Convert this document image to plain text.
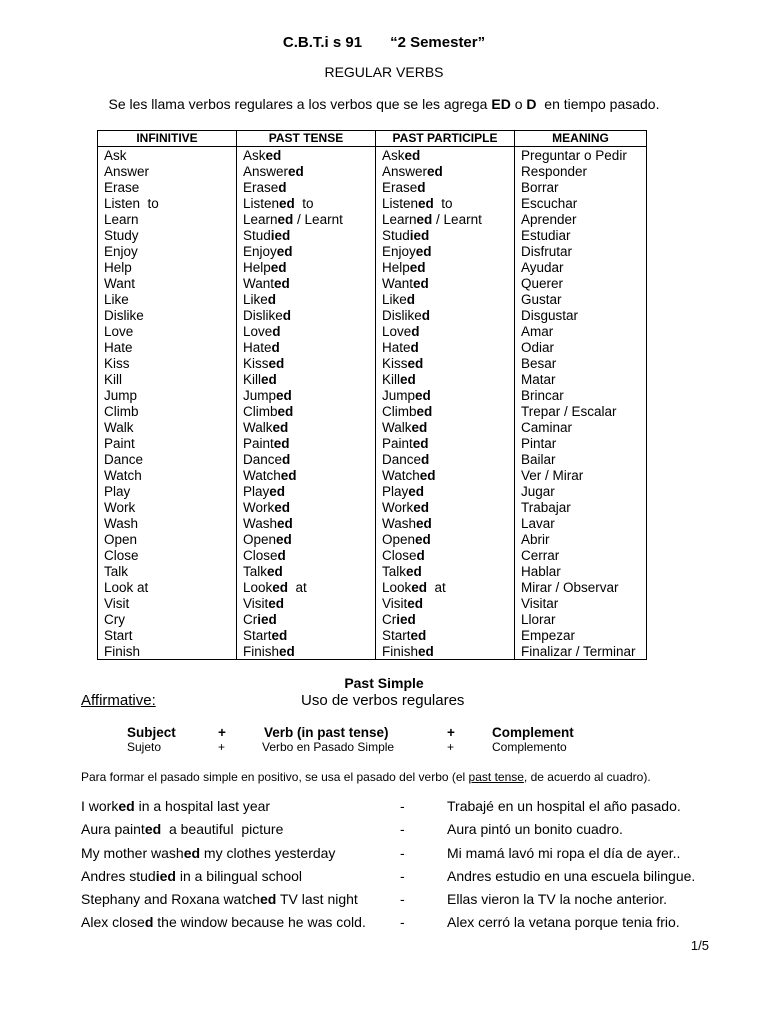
C.B.T.i s 91 “2 Semester”
REGULAR VERBS
Se les llama verbos regulares a los verbos que se les agrega ED o D  en tiempo pasado.
INFINITIVE	PAST TENSE	PAST PARTICIPLE	MEANING
Ask	Asked	Asked	Preguntar o Pedir
Answer	Answered	Answered	Responder
Erase	Erased	Erased	Borrar
Listen  to	Listened  to	Listened  to	Escuchar
Learn	Learned / Learnt	Learned / Learnt	Aprender
Study	Studied	Studied	Estudiar
Enjoy	Enjoyed	Enjoyed	Disfrutar
Help	Helped	Helped	Ayudar
Want	Wanted	Wanted	Querer
Like	Liked	Liked	Gustar
Dislike	Disliked	Disliked	Disgustar
Love	Loved	Loved	Amar
Hate	Hated	Hated	Odiar
Kiss	Kissed	Kissed	Besar
Kill	Killed	Killed	Matar
Jump	Jumped	Jumped	Brincar
Climb	Climbed	Climbed	Trepar / Escalar
Walk	Walked	Walked	Caminar
Paint	Painted	Painted	Pintar
Dance	Danced	Danced	Bailar
Watch	Watched	Watched	Ver / Mirar
Play	Played	Played	Jugar
Work	Worked	Worked	Trabajar
Wash	Washed	Washed	Lavar
Open	Opened	Opened	Abrir
Close	Closed	Closed	Cerrar
Talk	Talked	Talked	Hablar
Look at	Looked  at	Looked  at	Mirar / Observar
Visit	Visited	Visited	Visitar
Cry	Cried	Cried	Llorar
Start	Started	Started	Empezar
Finish	Finished	Finished	Finalizar / Terminar
Past Simple
Affirmative:	Uso de verbos regulares
Subject	+	Verb (in past tense)	+	Complement
Sujeto	+	Verbo en Pasado Simple	+	Complemento
Para formar el pasado simple en positivo, se usa el pasado del verbo (el past tense, de acuerdo al cuadro).
I worked in a hospital last year	-	Trabajé en un hospital el año pasado.
Aura painted  a beautiful  picture	-	Aura pintó un bonito cuadro.
My mother washed my clothes yesterday	-	Mi mamá lavó mi ropa el día de ayer..
Andres studied in a bilingual school	-	Andres estudio en una escuela bilingue.
Stephany and Roxana watched TV last night	-	Ellas vieron la TV la noche anterior.
Alex closed the window because he was cold. -	Alex cerró la vetana porque tenia frio.
1/5
